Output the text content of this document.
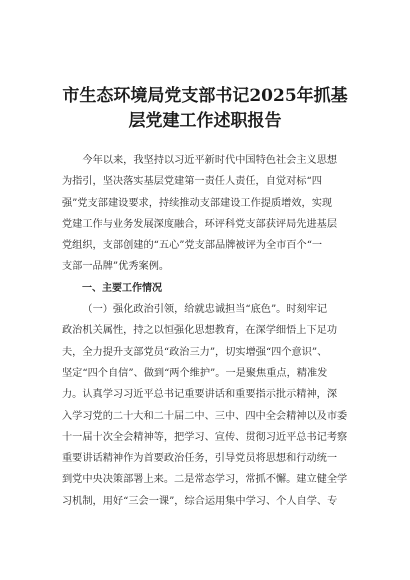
市生态环境局党支部书记2025年抓基
层党建工作述职报告
今年以来，我坚持以习近平新时代中国特色社会主义思想
为指引，坚决落实基层党建第一责任人责任，自觉对标“四
强”党支部建设要求，持续推动支部建设工作提质增效，实现
党建工作与业务发展深度融合，环评科党支部获评局先进基层
党组织，支部创建的“五心”党支部品牌被评为全市百个“一
支部一品牌”优秀案例。
一、主要工作情况
（一）强化政治引领，给就忠诚担当“底色”。时刻牢记
政治机关属性，持之以恒强化思想教育，在深学细悟上下足功
夫，全力提升支部党员“政治三力”，切实增强“四个意识”、
坚定“四个自信”、做到“两个维护”。一是聚焦重点，精准发
力。认真学习习近平总书记重要讲话和重要指示批示精神，深
入学习党的二十大和二十届二中、三中、四中全会精神以及市委
十一届十次全会精神等，把学习、宣传、贯彻习近平总书记考察
重要讲话精神作为首要政治任务，引导党员将思想和行动统一
到党中央决策部署上来。二是常态学习，常抓不懈。建立健全学
习机制，用好“三会一课”，综合运用集中学习、个人自学、专
